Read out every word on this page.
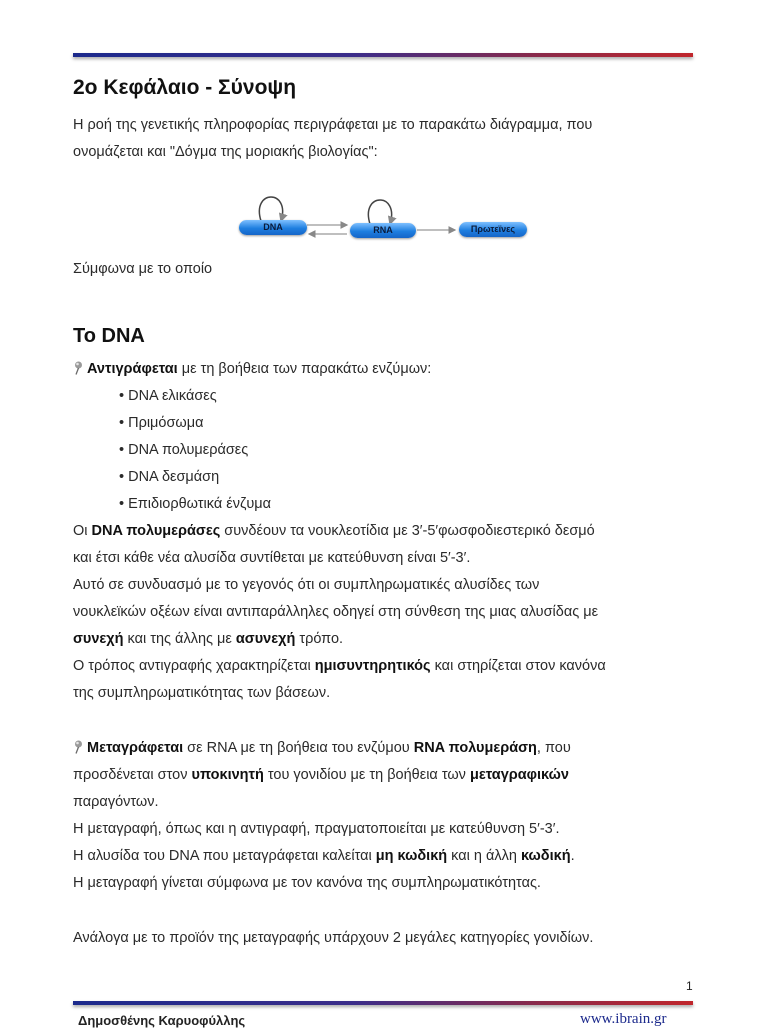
2ο Κεφάλαιο - Σύνοψη
Η ροή της γενετικής πληροφορίας περιγράφεται με το παρακάτω διάγραμμα, που
ονομάζεται και "Δόγμα της μοριακής βιολογίας":
Σύμφωνα με το οποίο
Το DNA
Αντιγράφεται με τη βοήθεια των παρακάτω ενζύμων:
• DNA ελικάσες
• Πριμόσωμα
• DNA πολυμεράσες
• DNA δεσμάση
• Επιδιορθωτικά ένζυμα
Οι DNA πολυμεράσες συνδέουν τα νουκλεοτίδια με 3′-5′φωσφοδιεστερικό δεσμό
και έτσι κάθε νέα αλυσίδα συντίθεται με κατεύθυνση είναι 5′-3′.
Αυτό σε συνδυασμό με το γεγονός ότι οι συμπληρωματικές αλυσίδες των
νουκλεϊκών οξέων είναι αντιπαράλληλες οδηγεί στη σύνθεση της μιας αλυσίδας με
συνεχή και της άλλης με ασυνεχή τρόπο.
Ο τρόπος αντιγραφής χαρακτηρίζεται ημισυντηρητικός και στηρίζεται στον κανόνα
της συμπληρωματικότητας των βάσεων.
Μεταγράφεται σε RNA με τη βοήθεια του ενζύμου RNA πολυμεράση, που
προσδένεται στον υποκινητή του γονιδίου με τη βοήθεια των μεταγραφικών
παραγόντων.
Η μεταγραφή, όπως και η αντιγραφή, πραγματοποιείται με κατεύθυνση 5′-3′.
Η αλυσίδα του DNA που μεταγράφεται καλείται μη κωδική και η άλλη κωδική.
Η μεταγραφή γίνεται σύμφωνα με τον κανόνα της συμπληρωματικότητας.
Ανάλογα με το προϊόν της μεταγραφής υπάρχουν 2 μεγάλες κατηγορίες γονιδίων.
DNA	RNA	Πρωτεϊνες
1
Δημοσθένης Καρυοφύλλης	www.ibrain.gr
